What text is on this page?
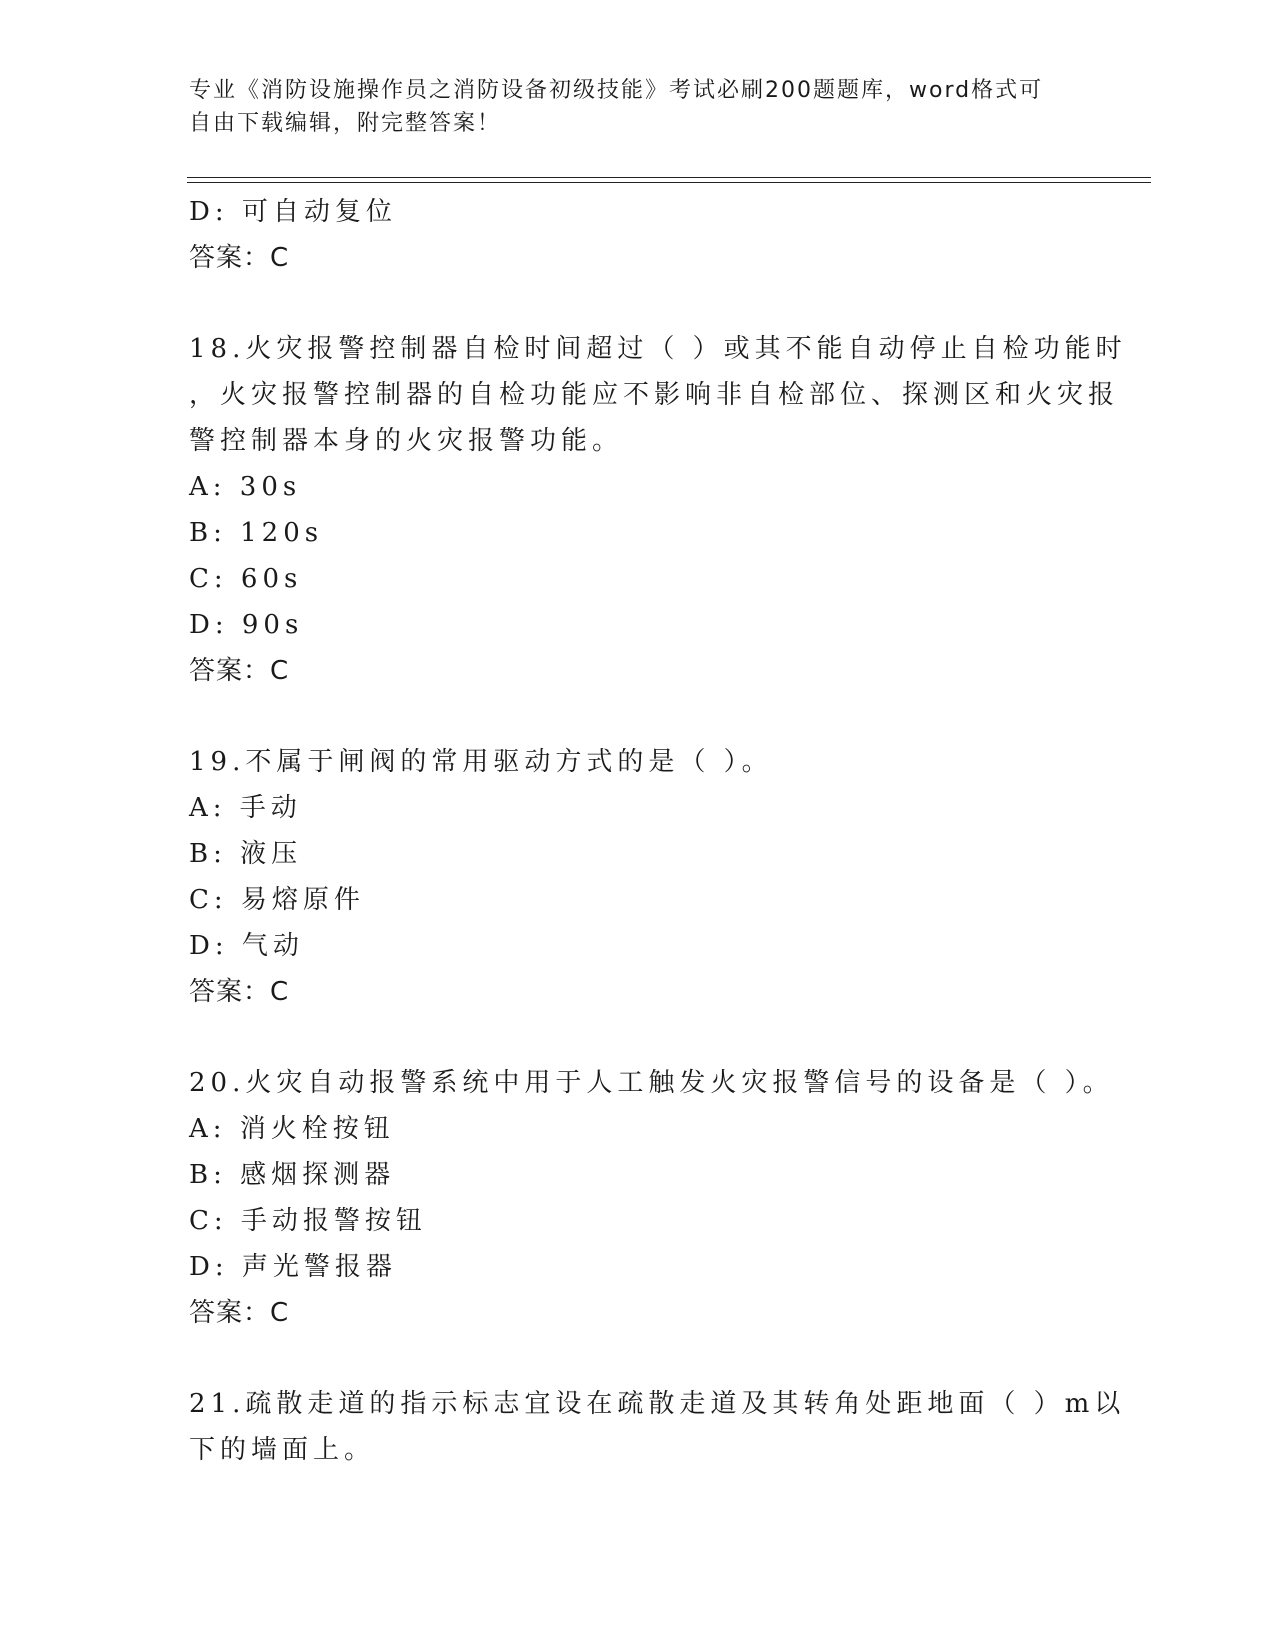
专业《消防设施操作员之消防设备初级技能》考试必刷200题题库，word格式可
自由下载编辑，附完整答案！
D: 可自动复位
答案：C
18.火灾报警控制器自检时间超过（ ）或其不能自动停止自检功能时
，火灾报警控制器的自检功能应不影响非自检部位、探测区和火灾报
警控制器本身的火灾报警功能。
A: 30s
B: 120s
C: 60s
D: 90s
答案：C
19.不属于闸阀的常用驱动方式的是（ ）。
A: 手动
B: 液压
C: 易熔原件
D: 气动
答案：C
20.火灾自动报警系统中用于人工触发火灾报警信号的设备是（ ）。
A: 消火栓按钮
B: 感烟探测器
C: 手动报警按钮
D: 声光警报器
答案：C
21.疏散走道的指示标志宜设在疏散走道及其转角处距地面（ ）m以
下的墙面上。
